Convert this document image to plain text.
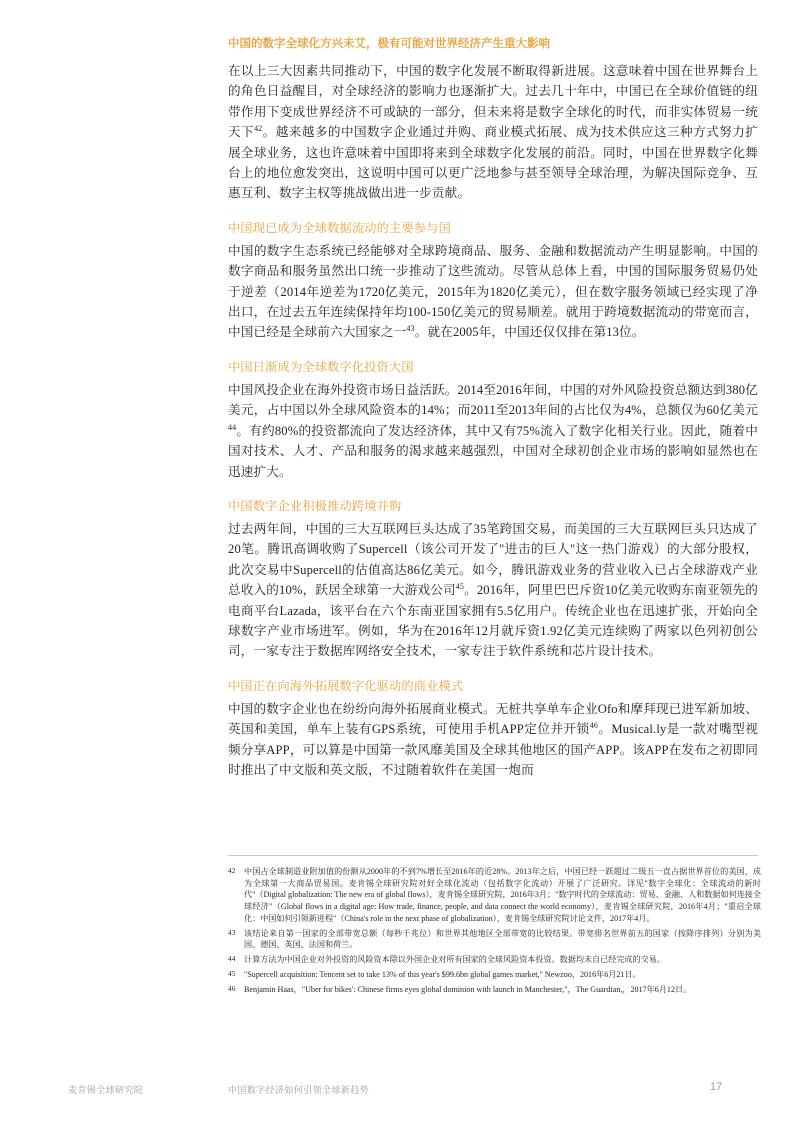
中国的数字全球化方兴未艾，极有可能对世界经济产生重大影响

在以上三大因素共同推动下，中国的数字化发展不断取得新进展。这意味着中国在世界舞台上的角色日益醒目，对全球经济的影响力也逐渐扩大。过去几十年中，中国已在全球价值链的纽带作用下变成世界经济不可或缺的一部分，但未来将是数字全球化的时代，而非实体贸易一统天下$^{42}$。越来越多的中国数字企业通过并购、商业模式拓展、成为技术供应这三种方式努力扩展全球业务，这也许意味着中国即将来到全球数字化发展的前沿。同时，中国在世界数字化舞台上的地位愈发突出，这说明中国可以更广泛地参与甚至领导全球治理，为解决国际竞争、互惠互利、数字主权等挑战做出进一步贡献。

中国现已成为全球数据流动的主要参与国

中国的数字生态系统已经能够对全球跨境商品、服务、金融和数据流动产生明显影响。中国的数字商品和服务虽然出口统一步推动了这些流动。尽管从总体上看，中国的国际服务贸易仍处于逆差（2014年逆差为1720亿美元，2015年为1820亿美元），但在数字服务领域已经实现了净出口，在过去五年连续保持年均100-150亿美元的贸易顺差。就用于跨境数据流动的带宽而言，中国已经是全球前六大国家之一$^{43}$。就在2005年，中国还仅仅排在第13位。

中国日渐成为全球数字化投资大国

中国风投企业在海外投资市场日益活跃。2014至2016年间，中国的对外风险投资总额达到380亿美元，占中国以外全球风险资本的14%；而2011至2013年间的占比仅为4%，总额仅为60亿美元$^{44}$。有约80%的投资都流向了发达经济体，其中又有75%流入了数字化相关行业。因此，随着中国对技术、人才、产品和服务的渴求越来越强烈，中国对全球初创企业市场的影响如显然也在迅速扩大。

中国数字企业积极推动跨境并购

过去两年间，中国的三大互联网巨头达成了35笔跨国交易，而美国的三大互联网巨头只达成了20笔。腾讯高调收购了Supercell（该公司开发了"进击的巨人"这一热门游戏）的大部分股权，此次交易中Supercell的估值高达86亿美元。如今，腾讯游戏业务的营业收入已占全球游戏产业总收入的10%，跃居全球第一大游戏公司$^{45}$。2016年，阿里巴巴斥资10亿美元收购东南亚领先的电商平台Lazada，该平台在六个东南亚国家拥有5.5亿用户。传统企业也在迅速扩张，开始向全球数字产业市场进军。例如，华为在2016年12月就斥资1.92亿美元连续购了两家以色列初创公司，一家专注于数据库网络安全技术，一家专注于软件系统和芯片设计技术。

中国正在向海外拓展数字化驱动的商业模式

中国的数字企业也在纷纷向海外拓展商业模式。无桩共享单车企业Ofo和摩拜现已进军新加坡、英国和美国，单车上装有GPS系统，可使用手机APP定位并开锁$^{46}$。Musical.ly是一款对嘴型视频分享APP，可以算是中国第一款风靡美国及全球其他地区的国产APP。该APP在发布之初即同时推出了中文版和英文版，不过随着软件在美国一炮而

42	中国占全球制造业附加值的份额从2000年的不到7%增长至2016年的近28%。2013年之后，中国已经一跃超过二级五一直占据世界首位的美国，成为全球第一大商品贸易国。麦肯锡全球研究院对好全球化流动（包括数字化流动）开展了广泛研究。详见"数字全球化：全球流动的新时代"（Digital globalization: The new era of global flows），麦肯锡全球研究院，2016年3月；"数字时代的全球流动：贸易、金融、人和数据如何连接全球经济"（Global flows in a digital age: How trade, finance, people, and data connect the world economy），麦肯锡全球研究院，2016年4月；"重启全球化：中国如何引领新进程"（China's role in the next phase of globalization），麦肯锡全球研究院讨论文件，2017年4月。
43	该结论来自第一国家的全部带宽总额（每秒千兆位）和世界其他地区全部带宽的比较结果。带宽排名世界前五的国家（按降序排列）分别为美国、德国、英国、法国和荷兰。
44	计算方法为中国企业对外投资的风险资本除以外国企业对所有国家的全球风险资本投资。数据均未自已经完成的交易。
45	"Supercell acquisition: Tencent set to take 13% of this year's $99.6bn global games market," Newzoo，2016年6月21日。
46	Benjamin Haas，"Uber for bikes': Chinese firms eyes global dominion with launch in Manchester,"，The Guardian,，2017年6月12日。
麦肯锡全球研究院	中国数字经济如何引领全球新趋势	17
